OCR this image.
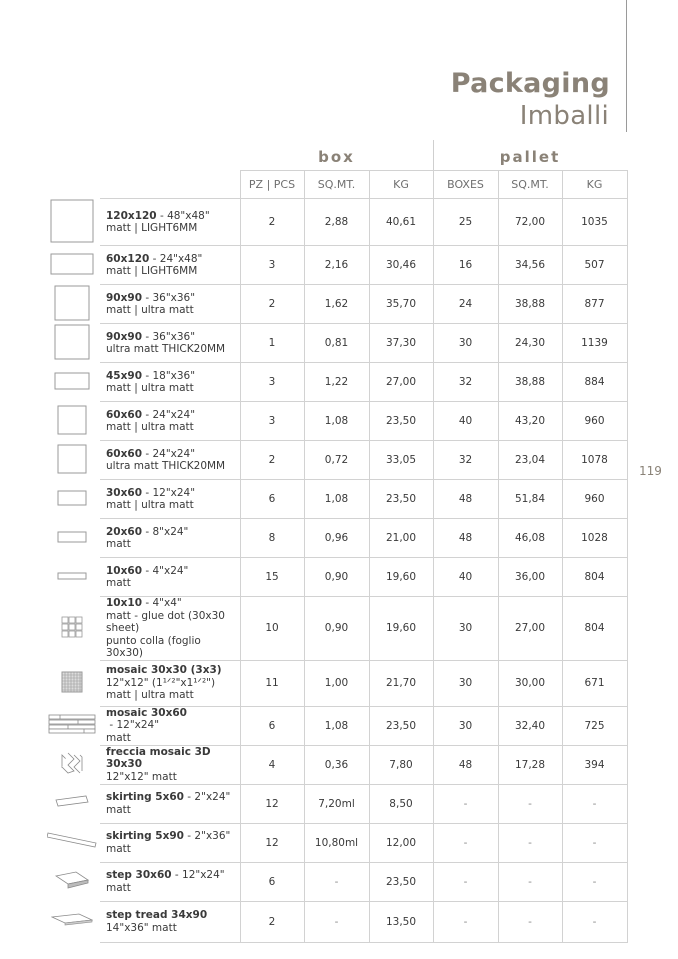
Packaging
Imballi
119
box	pallet
		PZ | PCS	SQ.MT.	KG	BOXES	SQ.MT.	KG

120x120 - 48"x48"
matt | LIGHT6MM	2	2,88	40,61	25	72,00	1035

60x120 - 24"x48"
matt | LIGHT6MM	3	2,16	30,46	16	34,56	507

90x90 - 36"x36"
matt | ultra matt	2	1,62	35,70	24	38,88	877

90x90 - 36"x36"
ultra matt THICK20MM	1	0,81	37,30	30	24,30	1139

45x90 - 18"x36"
matt | ultra matt	3	1,22	27,00	32	38,88	884

60x60 - 24"x24"
matt | ultra matt	3	1,08	23,50	40	43,20	960

60x60 - 24"x24"
ultra matt THICK20MM	2	0,72	33,05	32	23,04	1078

30x60 - 12"x24"
matt | ultra matt	6	1,08	23,50	48	51,84	960

20x60 - 8"x24"
matt	8	0,96	21,00	48	46,08	1028

10x60 - 4"x24"
matt	15	0,90	19,60	40	36,00	804

10x10 - 4"x4"
matt - glue dot (30x30 sheet)
punto colla (foglio 30x30)	10	0,90	19,60	30	27,00	804

mosaic 30x30 (3x3)
12"x12" (1¹ᐟ²"x1¹ᐟ²")
matt | ultra matt	11	1,00	21,70	30	30,00	671

mosaic 30x60 - 12"x24"
matt	6	1,08	23,50	30	32,40	725

freccia mosaic 3D 30x30
12"x12" matt	4	0,36	7,80	48	17,28	394

skirting 5x60 - 2"x24"
matt	12	7,20ml	8,50	-	-	-

skirting 5x90 - 2"x36"
matt	12	10,80ml	12,00	-	-	-

step 30x60 - 12"x24"
matt	6	-	23,50	-	-	-

step tread 34x90
14"x36" matt	2	-	13,50	-	-	-
